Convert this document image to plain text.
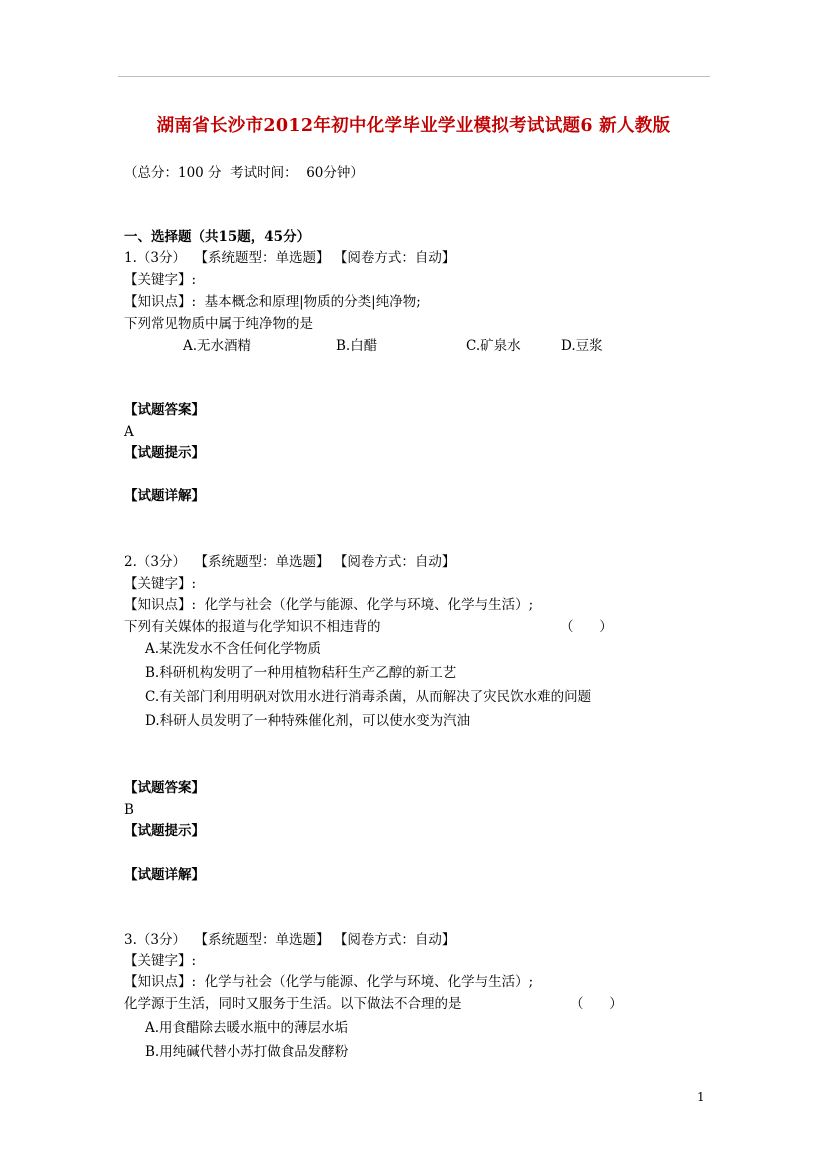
湖南省长沙市2012年初中化学毕业学业模拟考试试题6 新人教版
（总分：100 分  考试时间：  60分钟）
一、选择题（共15题，45分）
1.（3分）  【系统题型：单选题】 【阅卷方式：自动】
【关键字】:
【知识点】:  基本概念和原理|物质的分类|纯净物;
下列常见物质中属于纯净物的是
A.无水酒精	B.白醋	C.矿泉水	D.豆浆
【试题答案】
A
【试题提示】
【试题详解】
2.（3分）  【系统题型：单选题】 【阅卷方式：自动】
【关键字】:
【知识点】:  化学与社会（化学与能源、化学与环境、化学与生活）;
下列有关媒体的报道与化学知识不相违背的	（      ）
A.某洗发水不含任何化学物质
B.科研机构发明了一种用植物秸秆生产乙醇的新工艺
C.有关部门利用明矾对饮用水进行消毒杀菌，从而解决了灾民饮水难的问题
D.科研人员发明了一种特殊催化剂，可以使水变为汽油
【试题答案】
B
【试题提示】
【试题详解】
3.（3分）  【系统题型：单选题】 【阅卷方式：自动】
【关键字】:
【知识点】:  化学与社会（化学与能源、化学与环境、化学与生活）;
化学源于生活，同时又服务于生活。以下做法不合理的是	（      ）
A.用食醋除去暖水瓶中的薄层水垢
B.用纯碱代替小苏打做食品发酵粉
1
